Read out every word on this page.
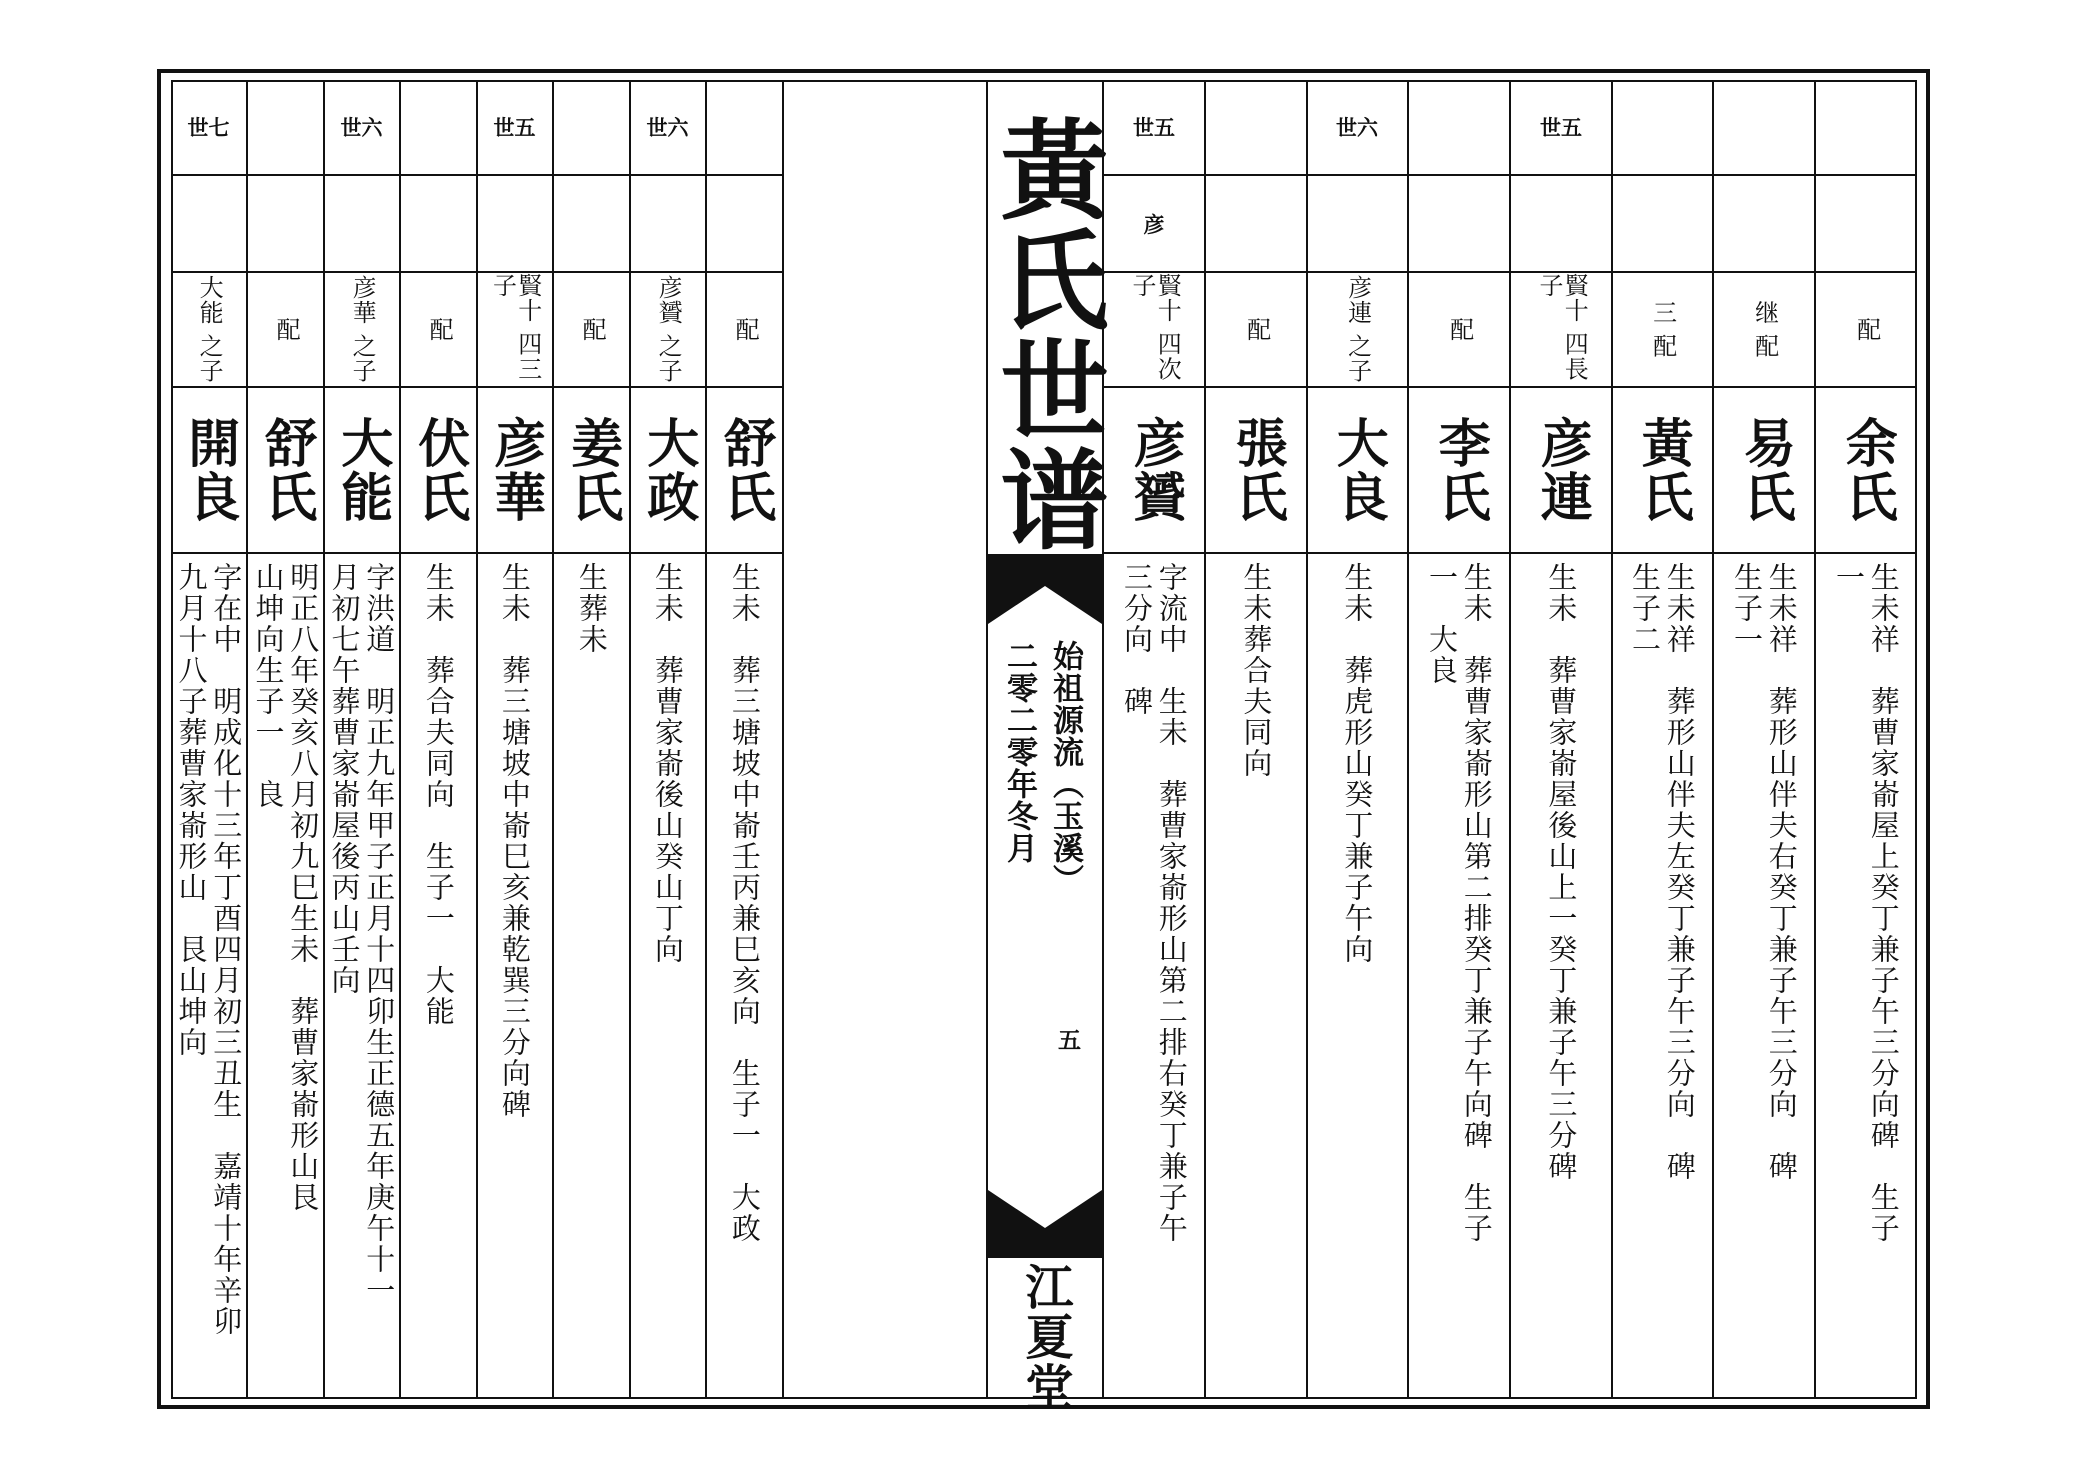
黃氏世谱
始祖源流（玉溪）
二零二零年冬月
五
江夏堂
世七
大能 之子
開良
字在中　明成化十三年丁酉四月初三丑生　嘉靖十年辛卯
九月十八子葬曹家嵛形山　艮山坤向
配
舒氏
明正八年癸亥八月初九巳生未　葬曹家嵛形山艮
山坤向生子一　良
世六
彦華 之子
大能
字洪道　明正九年甲子正月十四卯生正德五年庚午十一
月初七午葬曹家嵛屋後丙山壬向
配
伏氏
生未　葬合夫同向　生子一　大能
世五
賢十 四三 子
彦華
生未　葬三塘坡中嵛巳亥兼乾巽三分向碑
配
姜氏
生葬未
世六
彦贇 之子
大政
生未　葬曹家嵛後山癸山丁向
配
舒氏
生未　葬三塘坡中嵛壬丙兼巳亥向　生子一　大政
世五
彦
賢十 四次 子
彦贇
字流中　生未　葬曹家嵛形山第二排右癸丁兼子午
三分向　碑
配
張氏
生未葬合夫同向
世六
彦連 之子
大良
生未　葬虎形山癸丁兼子午向
配
李氏
生未　葬曹家嵛形山第二排癸丁兼子午向碑　生子
一　大良
世五
賢十 四長 子
彦連
生未　葬曹家嵛屋後山上一癸丁兼子午三分碑
三 配
黃氏
生未祥　葬形山伴夫左癸丁兼子午三分向　碑
生子二
继 配
易氏
生未祥　葬形山伴夫右癸丁兼子午三分向　碑
生子一
配
余氏
生未祥　葬曹家嵛屋上癸丁兼子午三分向碑　生子
一
